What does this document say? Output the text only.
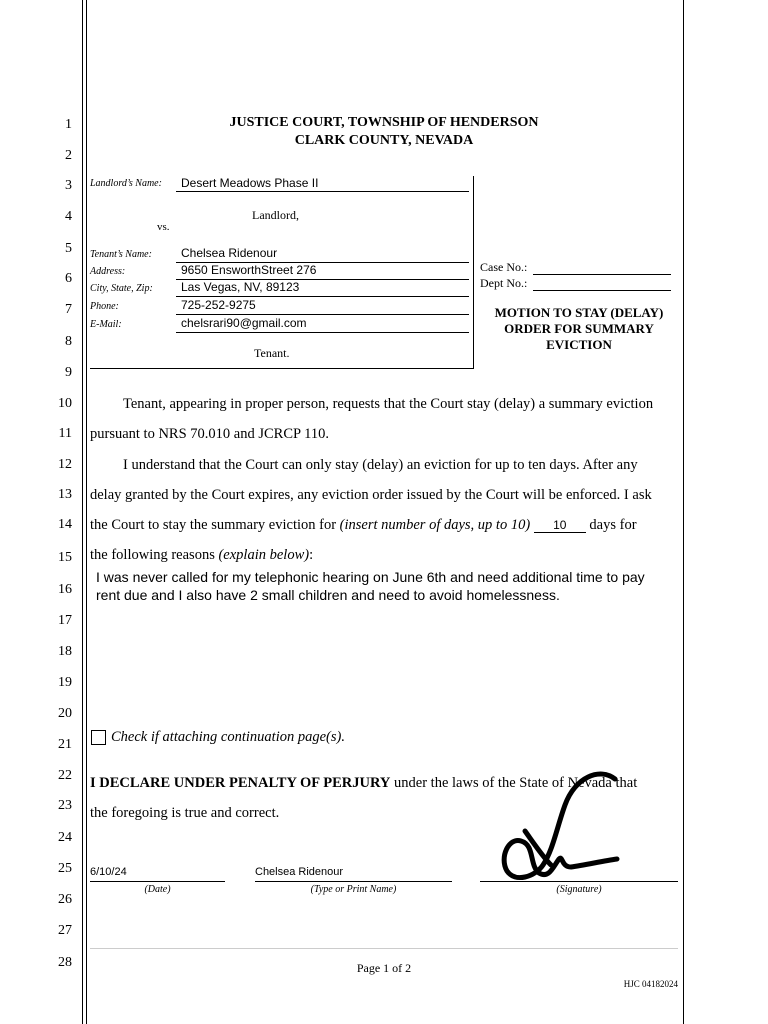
1
2
3
4
5
6
7
8
9
10
11
12
13
14
15
16
17
18
19
20
21
22
23
24
25
26
27
28
JUSTICE COURT, TOWNSHIP OF HENDERSON
CLARK COUNTY, NEVADA
Landlord’s Name: Desert Meadows Phase II
Landlord,
vs.
Tenant’s Name: Chelsea Ridenour
Address:	9650 EnsworthStreet 276
City, State, Zip: Las Vegas, NV, 89123
Phone:	725-252-9275
E-Mail:	chelsrari90@gmail.com
Tenant.
Case No.:
Dept No.:
MOTION TO STAY (DELAY)
ORDER FOR SUMMARY
EVICTION
Tenant, appearing in proper person, requests that the Court stay (delay) a summary eviction
pursuant to NRS 70.010 and JCRCP 110.
I understand that the Court can only stay (delay) an eviction for up to ten days. After any
delay granted by the Court expires, any eviction order issued by the Court will be enforced. I ask
the Court to stay the summary eviction for (insert number of days, up to 10) 10 days for
the following reasons (explain below):
I was never called for my telephonic hearing on June 6th and need additional time to pay rent due and I also have 2 small children and need to avoid homelessness.
Check if attaching continuation page(s).
I DECLARE UNDER PENALTY OF PERJURY under the laws of the State of Nevada that
the foregoing is true and correct.
6/10/24
(Date)
Chelsea Ridenour
(Type or Print Name)	(Signature)
Page 1 of 2
HJC 04182024
